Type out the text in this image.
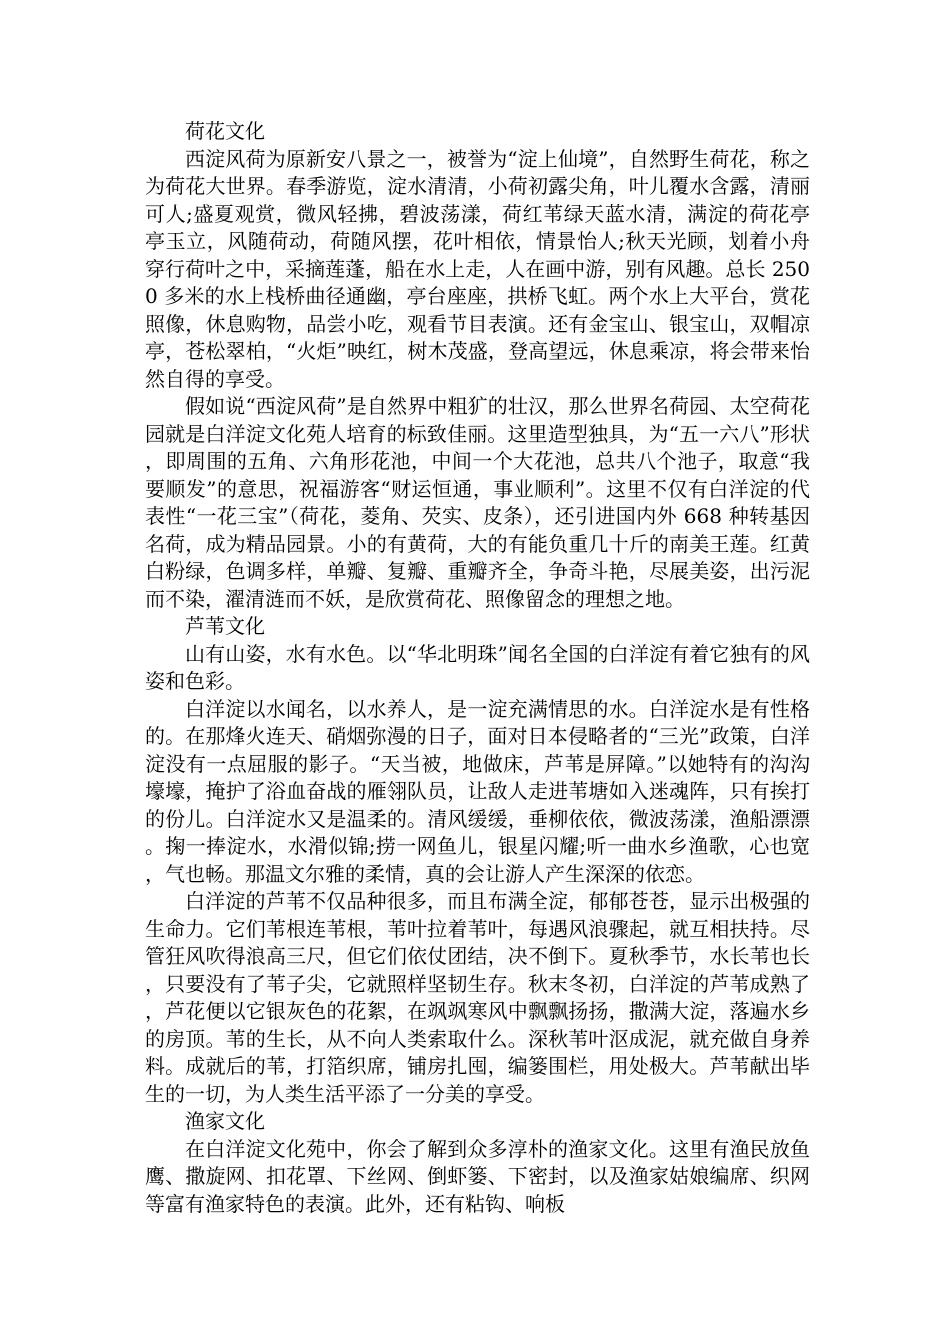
荷花文化

西淀风荷为原新安八景之一，被誉为“淀上仙境”，自然野生荷花，称之为荷花大世界。春季游览，淀水清清，小荷初露尖角，叶儿覆水含露，清丽可人;盛夏观赏，微风轻拂，碧波荡漾，荷红苇绿天蓝水清，满淀的荷花亭亭玉立，风随荷动，荷随风摆，花叶相依，情景怡人;秋天光顾，划着小舟穿行荷叶之中，采摘莲蓬，船在水上走，人在画中游，别有风趣。总长 2500 多米的水上栈桥曲径通幽，亭台座座，拱桥飞虹。两个水上大平台，赏花照像，休息购物，品尝小吃，观看节目表演。还有金宝山、银宝山，双帽凉亭，苍松翠柏，“火炬”映红，树木茂盛，登高望远，休息乘凉，将会带来怡然自得的享受。

假如说“西淀风荷”是自然界中粗犷的壮汉，那么世界名荷园、太空荷花园就是白洋淀文化苑人培育的标致佳丽。这里造型独具，为“五一六八”形状，即周围的五角、六角形花池，中间一个大花池，总共八个池子，取意“我要顺发”的意思，祝福游客“财运恒通，事业顺利”。这里不仅有白洋淀的代表性“一花三宝”（荷花，菱角、芡实、皮条），还引进国内外 668 种转基因名荷，成为精品园景。小的有黄荷，大的有能负重几十斤的南美王莲。红黄白粉绿，色调多样，单瓣、复瓣、重瓣齐全，争奇斗艳，尽展美姿，出污泥而不染，濯清涟而不妖，是欣赏荷花、照像留念的理想之地。

芦苇文化

山有山姿，水有水色。以“华北明珠”闻名全国的白洋淀有着它独有的风姿和色彩。

白洋淀以水闻名，以水养人，是一淀充满情思的水。白洋淀水是有性格的。在那烽火连天、硝烟弥漫的日子，面对日本侵略者的“三光”政策，白洋淀没有一点屈服的影子。“天当被，地做床，芦苇是屏障。”以她特有的沟沟壕壕，掩护了浴血奋战的雁翎队员，让敌人走进苇塘如入迷魂阵，只有挨打的份儿。白洋淀水又是温柔的。清风缓缓，垂柳依依，微波荡漾，渔船漂漂。掬一捧淀水，水滑似锦;捞一网鱼儿，银星闪耀;听一曲水乡渔歌，心也宽，气也畅。那温文尔雅的柔情，真的会让游人产生深深的依恋。

白洋淀的芦苇不仅品种很多，而且布满全淀，郁郁苍苍，显示出极强的生命力。它们苇根连苇根，苇叶拉着苇叶，每遇风浪骤起，就互相扶持。尽管狂风吹得浪高三尺，但它们依仗团结，决不倒下。夏秋季节，水长苇也长，只要没有了苇子尖，它就照样坚韧生存。秋末冬初，白洋淀的芦苇成熟了，芦花便以它银灰色的花絮，在飒飒寒风中飘飘扬扬，撒满大淀，落遍水乡的房顶。苇的生长，从不向人类索取什么。深秋苇叶沤成泥，就充做自身养料。成就后的苇，打箔织席，铺房扎囤，编篓围栏，用处极大。芦苇献出毕生的一切，为人类生活平添了一分美的享受。

渔家文化

在白洋淀文化苑中，你会了解到众多淳朴的渔家文化。这里有渔民放鱼鹰、撒旋网、扣花罩、下丝网、倒虾篓、下密封，以及渔家姑娘编席、织网等富有渔家特色的表演。此外，还有粘钩、响板
